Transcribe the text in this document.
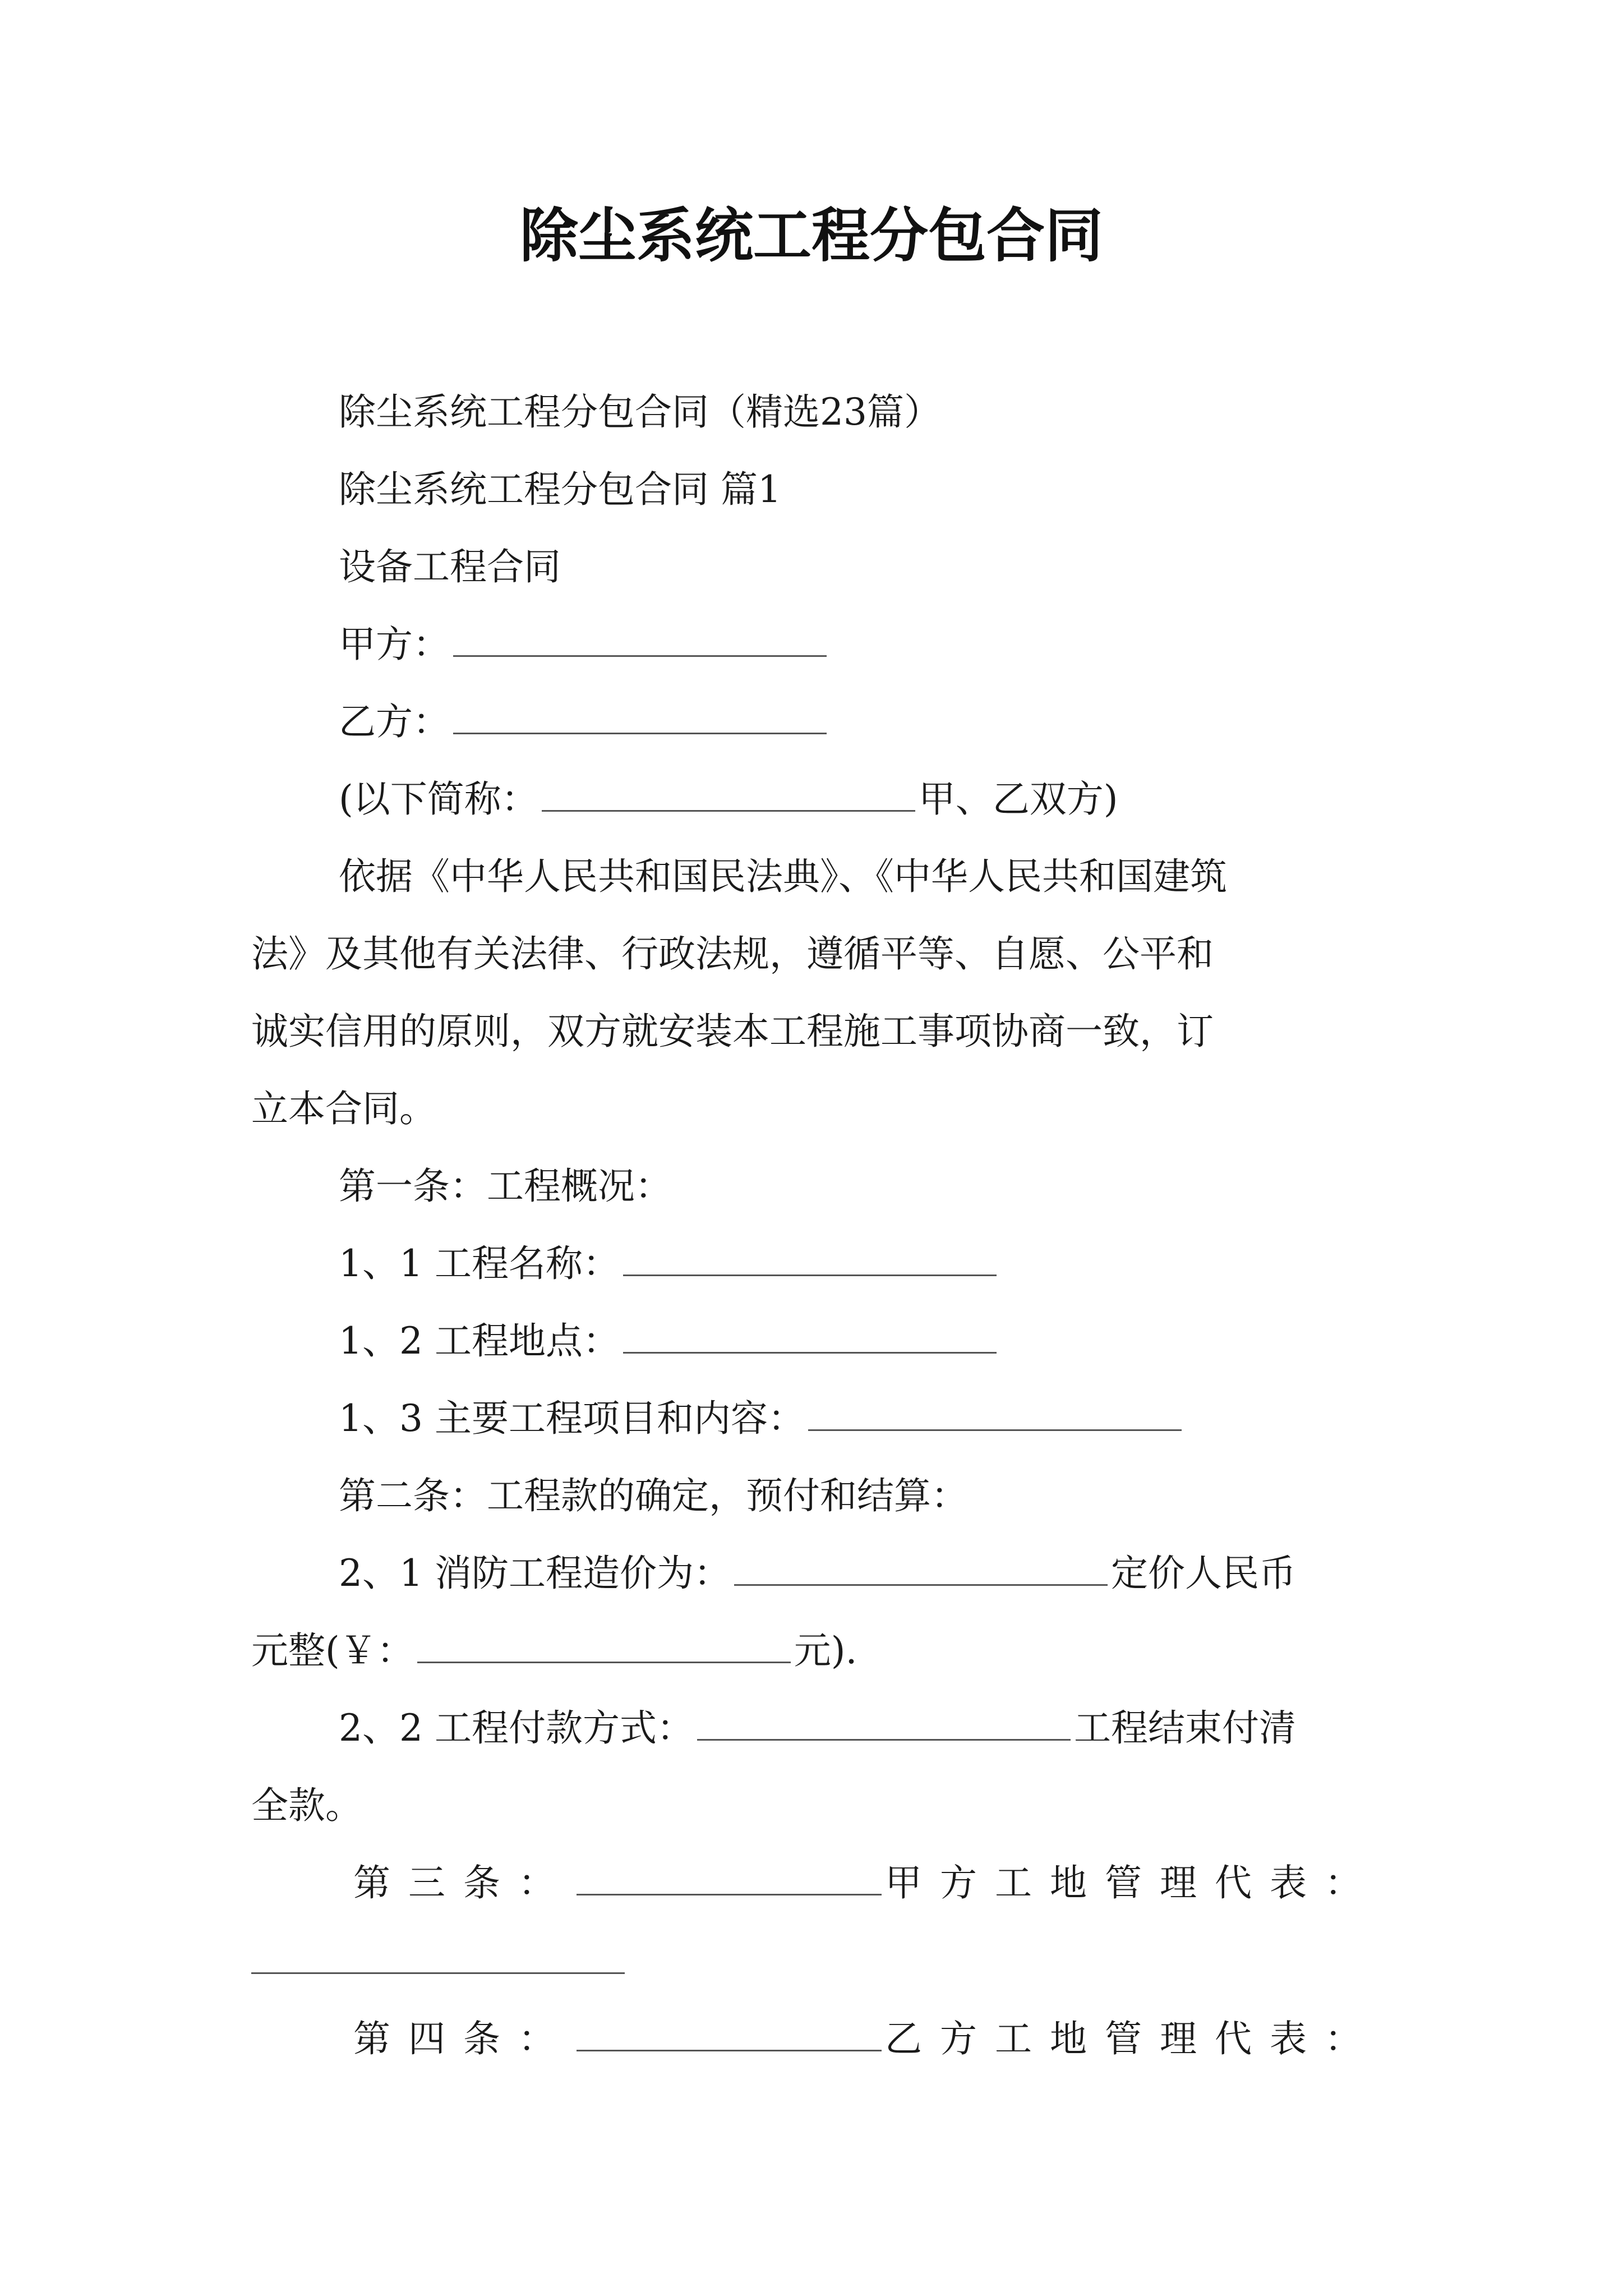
除尘系统工程分包合同
除尘系统工程分包合同（精选23篇）
除尘系统工程分包合同 篇1
设备工程合同
甲方：
乙方：
(以下简称：	甲、乙双方)
依据《中华人民共和国民法典》、《中华人民共和国建筑
法》及其他有关法律、行政法规，遵循平等、自愿、公平和
诚实信用的原则，双方就安装本工程施工事项协商一致，订
立本合同。
第一条：工程概况：
1、1 工程名称：
1、2 工程地点：
1、3 主要工程项目和内容：
第二条：工程款的确定，预付和结算：
2、1 消防工程造价为：	定价人民币
元整(￥：	元).
2、2 工程付款方式：	工程结束付清
全款。
第三条：	甲方工地管理代表：
第四条：	乙方工地管理代表：
